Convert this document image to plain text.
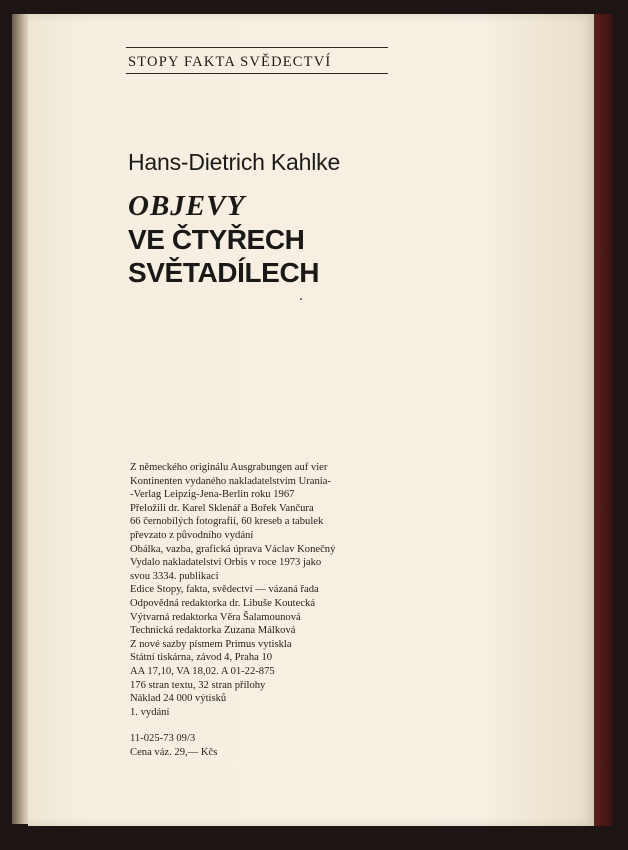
STOPY FAKTA SVĚDECTVÍ

Hans-Dietrich Kahlke

OBJEVY

VE ČTYŘECH
SVĚTADÍLECH

Z německého originálu Ausgrabungen auf vier
Kontinenten vydaného nakladatelstvím Urania-
-Verlag Leipzig-Jena-Berlin roku 1967
Přeložili dr. Karel Sklenář a Bořek Vančura
66 černobílých fotografií, 60 kreseb a tabulek
převzato z původního vydání
Obálka, vazba, grafická úprava Václav Konečný
Vydalo nakladatelství Orbis v roce 1973 jako
svou 3334. publikaci
Edice Stopy, fakta, svědectví — vázaná řada
Odpovědná redaktorka dr. Libuše Koutecká
Výtvarná redaktorka Věra Šalamounová
Technická redaktorka Zuzana Málková
Z nové sazby písmem Primus vytiskla
Státní tiskárna, závod 4, Praha 10
AA 17,10, VA 18,02. A 01-22-875
176 stran textu, 32 stran přílohy
Náklad 24 000 výtisků
1. vydání

11-025-73 09/3
Cena váz. 29,— Kčs
